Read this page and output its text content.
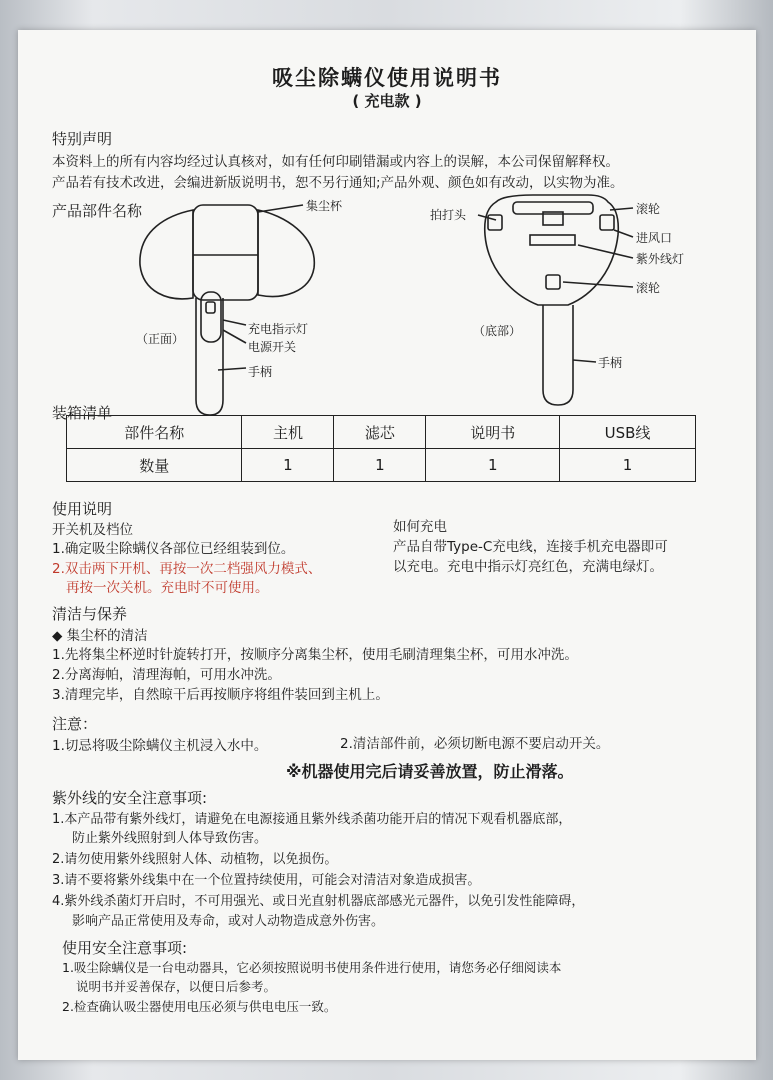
吸尘除螨仪使用说明书
( 充电款 )
特别声明
本资料上的所有内容均经过认真核对，如有任何印刷错漏或内容上的误解，本公司保留解释权。
产品若有技术改进，会编进新版说明书，恕不另行通知;产品外观、颜色如有改动，以实物为准。
产品部件名称	集尘杯
充电指示灯
电源开关
手柄
（正面）
拍打头	滚轮
进风口
紫外线灯
滚轮
手柄
（底部）
装箱清单
部件名称	主机	滤芯	说明书	USB线
数量	1	1	1	1
使用说明
开关机及档位
1.确定吸尘除螨仪各部位已经组装到位。
2.双击两下开机、再按一次二档强风力模式、
再按一次关机。充电时不可使用。
如何充电
产品自带Type-C充电线，连接手机充电器即可
以充电。充电中指示灯亮红色，充满电绿灯。
清洁与保养
◆ 集尘杯的清洁
1.先将集尘杯逆时针旋转打开，按顺序分离集尘杯，使用毛刷清理集尘杯，可用水冲洗。
2.分离海帕，清理海帕，可用水冲洗。
3.清理完毕，自然晾干后再按顺序将组件装回到主机上。
注意：
1.切忌将吸尘除螨仪主机浸入水中。	2.清洁部件前，必须切断电源不要启动开关。
※机器使用完后请妥善放置，防止滑落。
紫外线的安全注意事项:
1.本产品带有紫外线灯，请避免在电源接通且紫外线杀菌功能开启的情况下观看机器底部，
防止紫外线照射到人体导致伤害。
2.请勿使用紫外线照射人体、动植物，以免损伤。
3.请不要将紫外线集中在一个位置持续使用，可能会对清洁对象造成损害。
4.紫外线杀菌灯开启时，不可用强光、或日光直射机器底部感光元器件，以免引发性能障碍，
影响产品正常使用及寿命，或对人动物造成意外伤害。
使用安全注意事项:
1.吸尘除螨仪是一台电动器具，它必须按照说明书使用条件进行使用，请您务必仔细阅读本
说明书并妥善保存，以便日后参考。
2.检查确认吸尘器使用电压必须与供电电压一致。
